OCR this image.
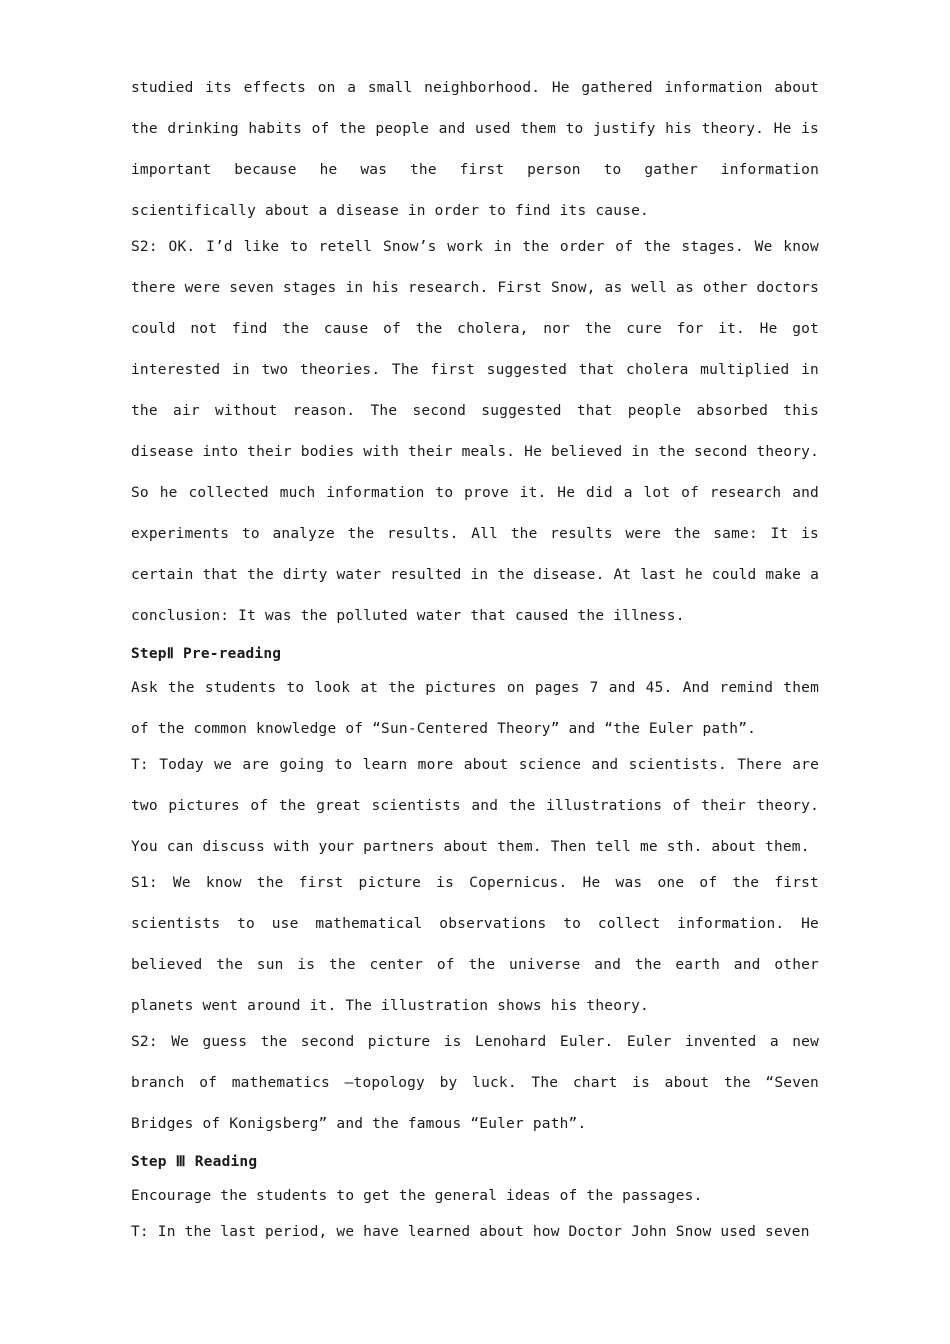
studied its effects on a small neighborhood. He gathered information about the drinking habits of the people and used them to justify his theory. He is important because he was the first person to gather information scientifically about a disease in order to find its cause.

S2: OK. I’d like to retell Snow’s work in the order of the stages. We know there were seven stages in his research. First Snow, as well as other doctors could not find the cause of the cholera, nor the cure for it. He got interested in two theories. The first suggested that cholera multiplied in the air without reason. The second suggested that people absorbed this disease into their bodies with their meals. He believed in the second theory. So he collected much information to prove it. He did a lot of research and experiments to analyze the results. All the results were the same: It is certain that the dirty water resulted in the disease. At last he could make a conclusion: It was the polluted water that caused the illness.

StepⅡ Pre-reading

Ask the students to look at the pictures on pages 7 and 45. And remind them of the common knowledge of “Sun-Centered Theory” and “the Euler path”.

T: Today we are going to learn more about science and scientists. There are two pictures of the great scientists and the illustrations of their theory. You can discuss with your partners about them. Then tell me sth. about them.

S1: We know the first picture is Copernicus. He was one of the first scientists to use mathematical observations to collect information. He believed the sun is the center of the universe and the earth and other planets went around it. The illustration shows his theory.

S2: We guess the second picture is Lenohard Euler. Euler invented a new branch of mathematics —topology by luck. The chart is about the “Seven Bridges of Konigsberg” and the famous “Euler path”.

Step Ⅲ Reading

Encourage the students to get the general ideas of the passages.

T: In the last period, we have learned about how Doctor John Snow used seven
